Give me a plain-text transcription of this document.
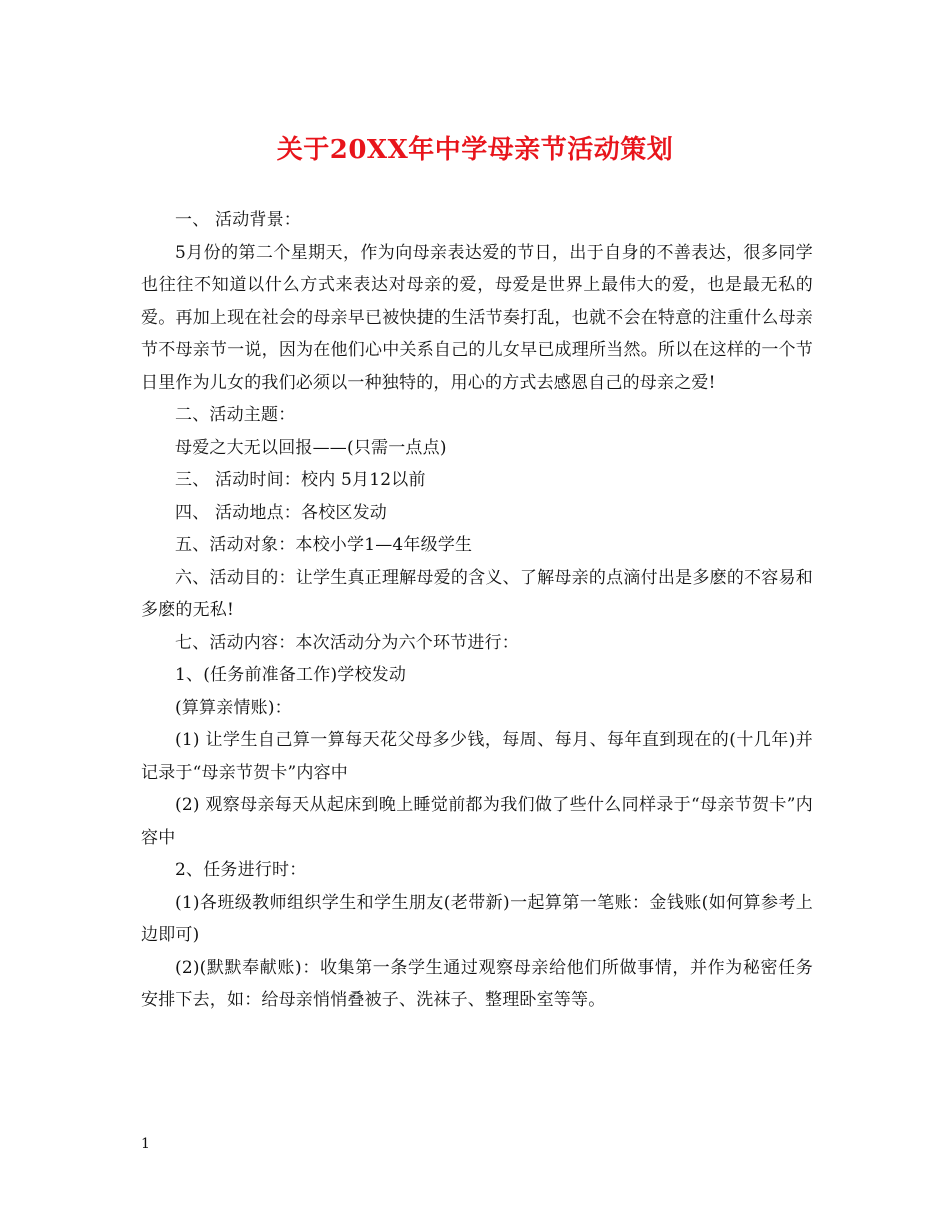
关于20XX年中学母亲节活动策划

一、 活动背景：

5月份的第二个星期天，作为向母亲表达爱的节日，出于自身的不善表达，很多同学也往往不知道以什么方式来表达对母亲的爱，母爱是世界上最伟大的爱，也是最无私的爱。再加上现在社会的母亲早已被快捷的生活节奏打乱，也就不会在特意的注重什么母亲节不母亲节一说，因为在他们心中关系自己的儿女早已成理所当然。所以在这样的一个节日里作为儿女的我们必须以一种独特的，用心的方式去感恩自己的母亲之爱!

二、活动主题：

母爱之大无以回报——(只需一点点)

三、 活动时间：校内 5月12以前

四、 活动地点：各校区发动

五、活动对象：本校小学1—4年级学生

六、活动目的：让学生真正理解母爱的含义、了解母亲的点滴付出是多麽的不容易和多麽的无私!

七、活动内容：本次活动分为六个环节进行：

1、(任务前准备工作)学校发动

(算算亲情账)：

(1) 让学生自己算一算每天花父母多少钱，每周、每月、每年直到现在的(十几年)并记录于“母亲节贺卡”内容中

(2) 观察母亲每天从起床到晚上睡觉前都为我们做了些什么同样录于“母亲节贺卡”内容中

2、任务进行时：

(1)各班级教师组织学生和学生朋友(老带新)一起算第一笔账：金钱账(如何算参考上边即可)

(2)(默默奉献账)：收集第一条学生通过观察母亲给他们所做事情，并作为秘密任务安排下去，如：给母亲悄悄叠被子、洗袜子、整理卧室等等。

1
